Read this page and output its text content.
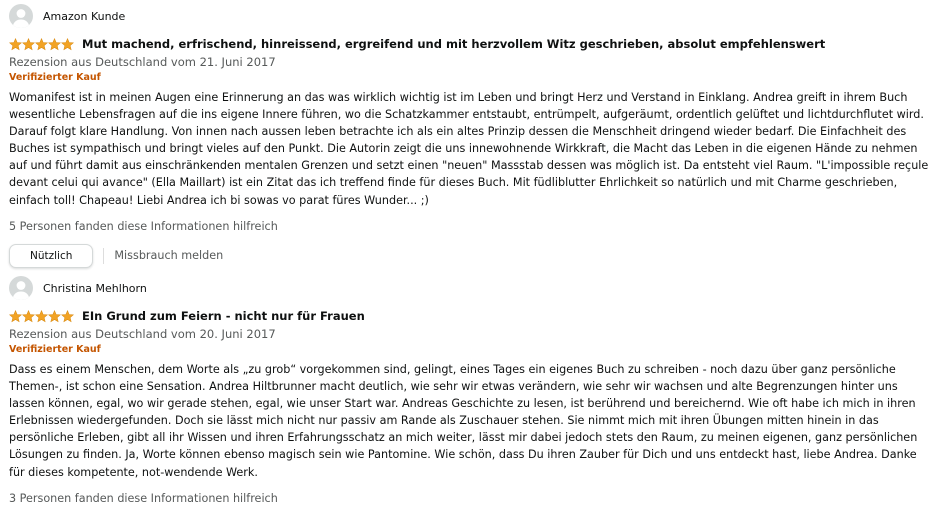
Amazon Kunde
Mut machend, erfrischend, hinreissend, ergreifend und mit herzvollem Witz geschrieben, absolut empfehlenswert
Rezension aus Deutschland vom 21. Juni 2017
Verifizierter Kauf
Womanifest ist in meinen Augen eine Erinnerung an das was wirklich wichtig ist im Leben und bringt Herz und Verstand in Einklang. Andrea greift in ihrem Buch wesentliche Lebensfragen auf die ins eigene Innere führen, wo die Schatzkammer entstaubt, entrümpelt, aufgeräumt, ordentlich gelüftet und lichtdurchflutet wird. Darauf folgt klare Handlung. Von innen nach aussen leben betrachte ich als ein altes Prinzip dessen die Menschheit dringend wieder bedarf. Die Einfachheit des Buches ist sympathisch und bringt vieles auf den Punkt. Die Autorin zeigt die uns innewohnende Wirkkraft, die Macht das Leben in die eigenen Hände zu nehmen auf und führt damit aus einschränkenden mentalen Grenzen und setzt einen "neuen" Massstab dessen was möglich ist. Da entsteht viel Raum. "L'impossible reçule devant celui qui avance" (Ella Maillart) ist ein Zitat das ich treffend finde für dieses Buch. Mit füdliblutter Ehrlichkeit so natürlich und mit Charme geschrieben, einfach toll! Chapeau! Liebi Andrea ich bi sowas vo parat füres Wunder... ;)
5 Personen fanden diese Informationen hilfreich
Nützlich	Missbrauch melden
Christina Mehlhorn
EIn Grund zum Feiern - nicht nur für Frauen
Rezension aus Deutschland vom 20. Juni 2017
Verifizierter Kauf
Dass es einem Menschen, dem Worte als „zu grob“ vorgekommen sind, gelingt, eines Tages ein eigenes Buch zu schreiben - noch dazu über ganz persönliche Themen-, ist schon eine Sensation. Andrea Hiltbrunner macht deutlich, wie sehr wir etwas verändern, wie sehr wir wachsen und alte Begrenzungen hinter uns lassen können, egal, wo wir gerade stehen, egal, wie unser Start war. Andreas Geschichte zu lesen, ist berührend und bereichernd. Wie oft habe ich mich in ihren Erlebnissen wiedergefunden. Doch sie lässt mich nicht nur passiv am Rande als Zuschauer stehen. Sie nimmt mich mit ihren Übungen mitten hinein in das persönliche Erleben, gibt all ihr Wissen und ihren Erfahrungsschatz an mich weiter, lässt mir dabei jedoch stets den Raum, zu meinen eigenen, ganz persönlichen Lösungen zu finden. Ja, Worte können ebenso magisch sein wie Pantomine. Wie schön, dass Du ihren Zauber für Dich und uns entdeckt hast, liebe Andrea. Danke für dieses kompetente, not-wendende Werk.
3 Personen fanden diese Informationen hilfreich
